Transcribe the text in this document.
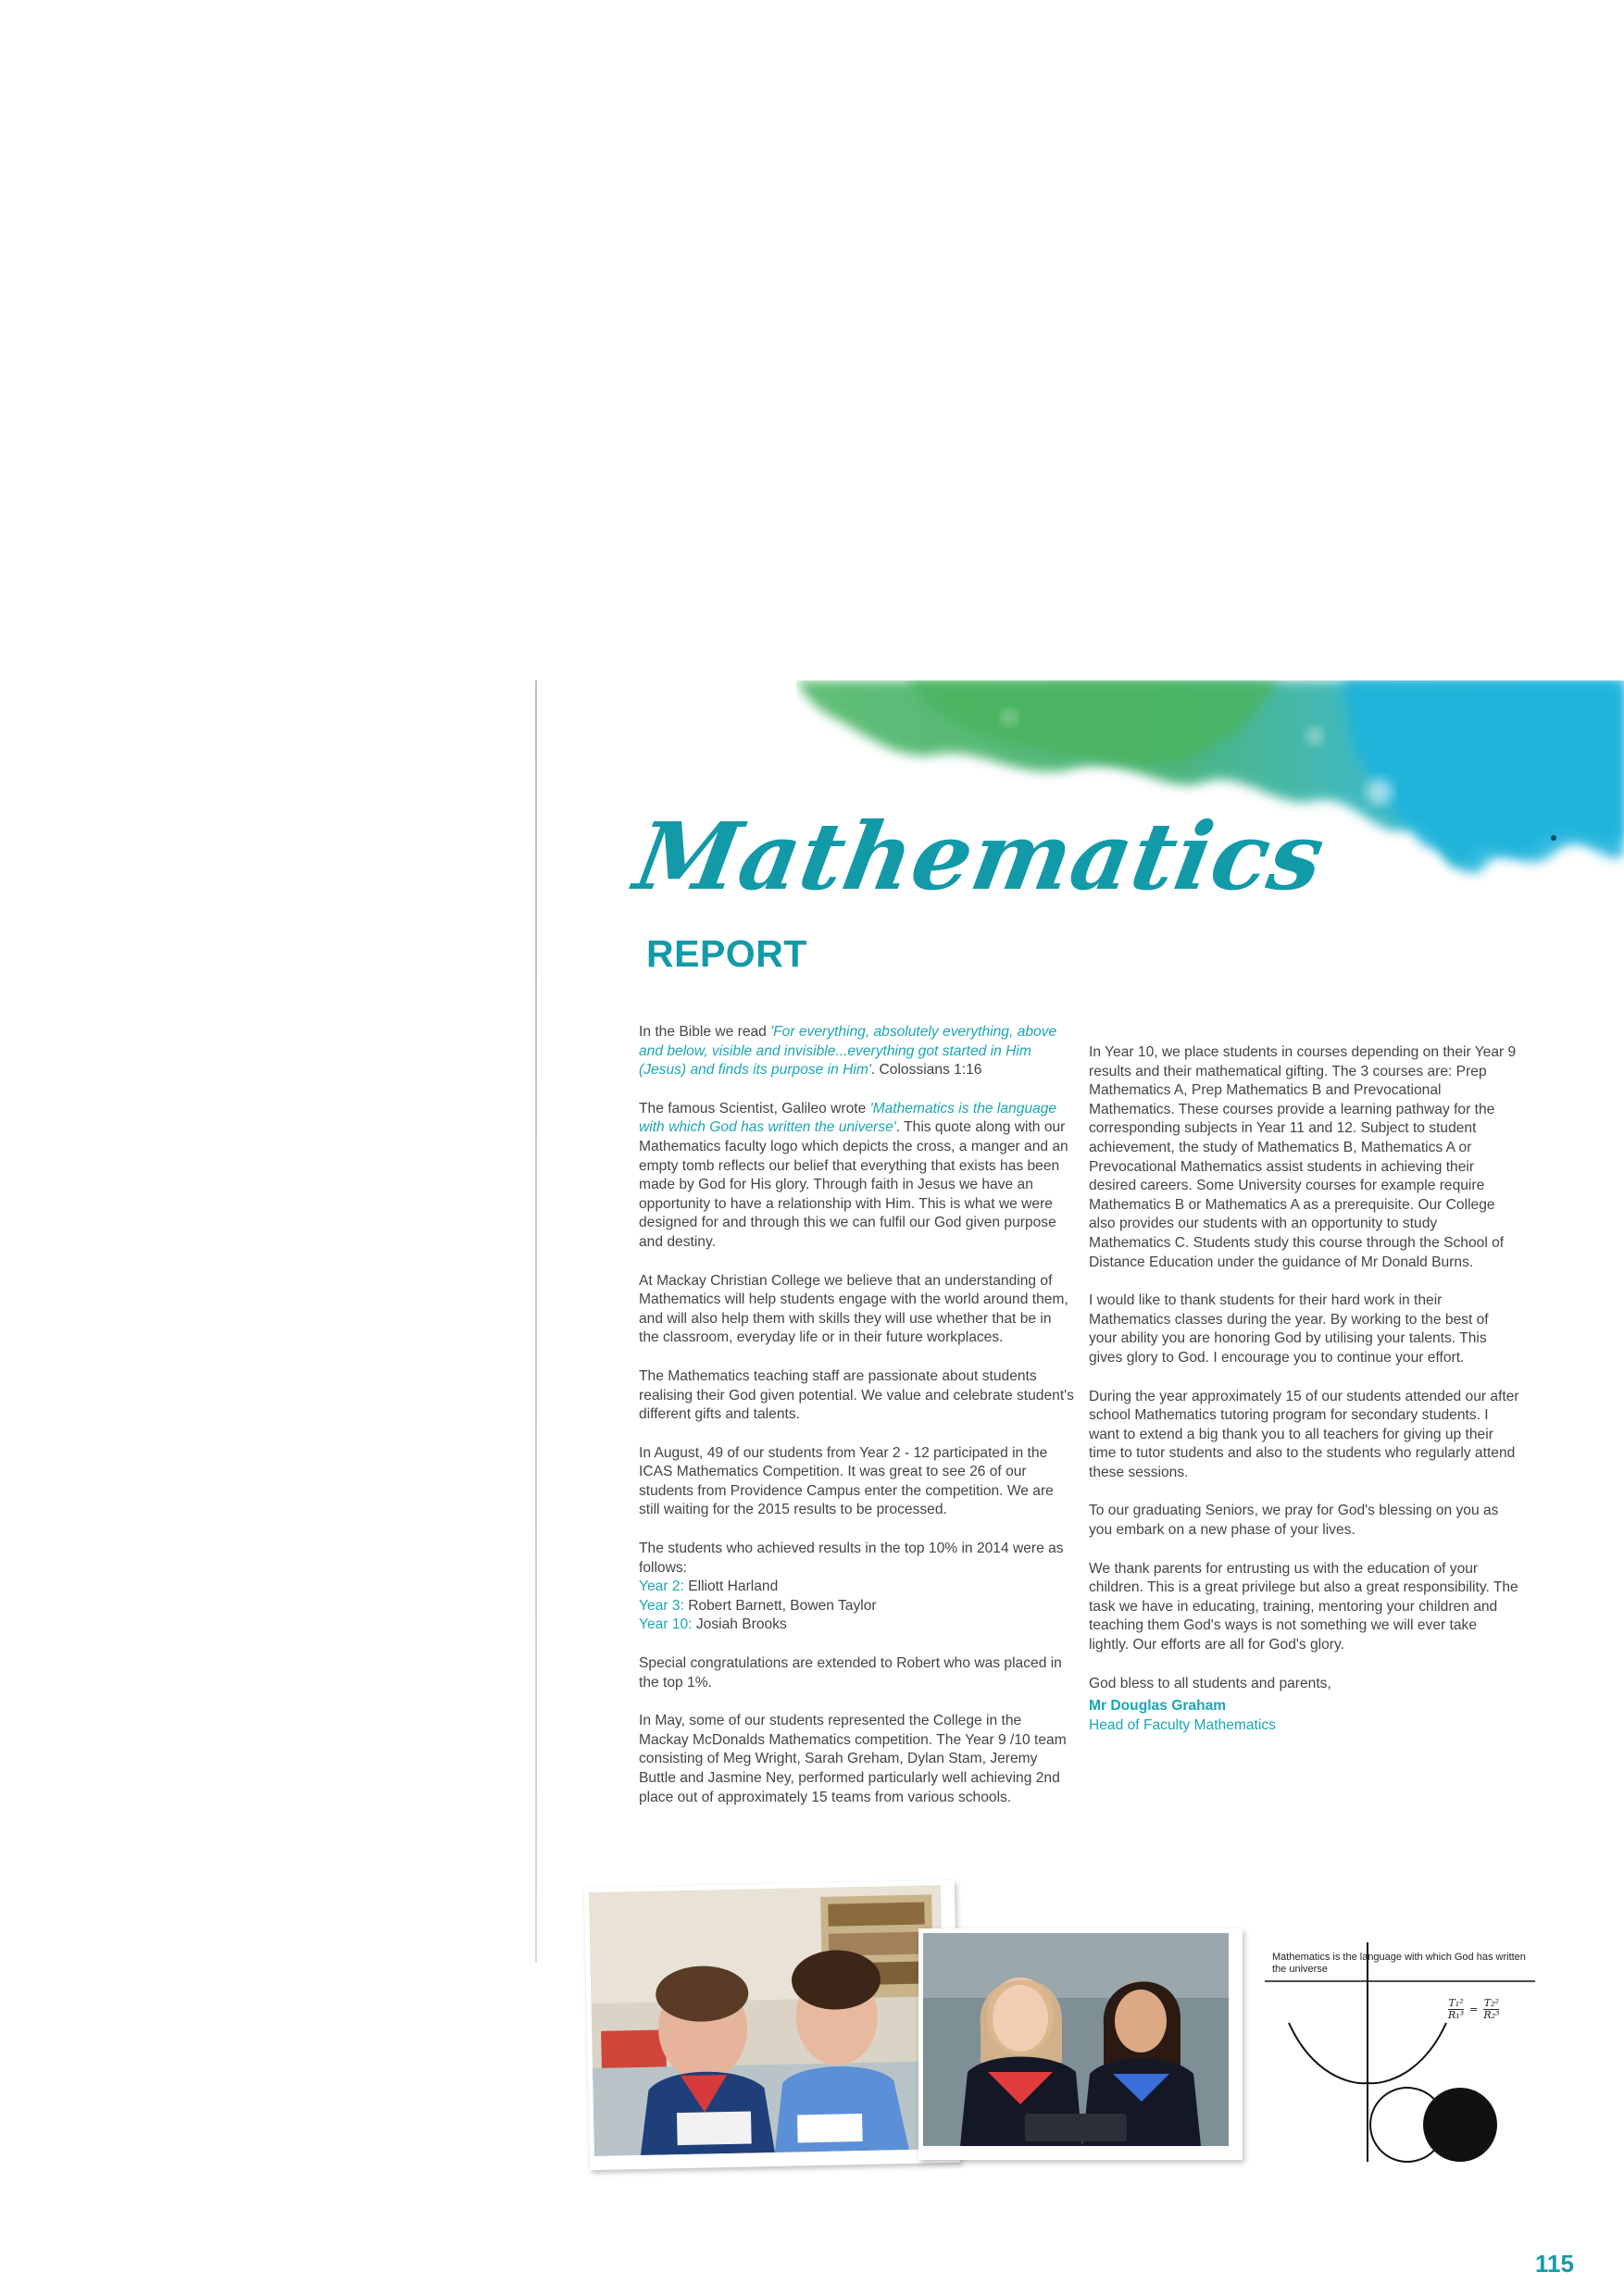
Mathematics
REPORT

In the Bible we read 'For everything, absolutely everything, above and below, visible and invisible...everything got started in Him (Jesus) and finds its purpose in Him'. Colossians 1:16

The famous Scientist, Galileo wrote 'Mathematics is the language with which God has written the universe'. This quote along with our Mathematics faculty logo which depicts the cross, a manger and an empty tomb reflects our belief that everything that exists has been made by God for His glory. Through faith in Jesus we have an opportunity to have a relationship with Him. This is what we were designed for and through this we can fulfil our God given purpose and destiny.

At Mackay Christian College we believe that an understanding of Mathematics will help students engage with the world around them, and will also help them with skills they will use whether that be in the classroom, everyday life or in their future workplaces.

The Mathematics teaching staff are passionate about students realising their God given potential. We value and celebrate student's different gifts and talents.

In August, 49 of our students from Year 2 - 12 participated in the ICAS Mathematics Competition. It was great to see 26 of our students from Providence Campus enter the competition. We are still waiting for the 2015 results to be processed.

The students who achieved results in the top 10% in 2014 were as follows:
Year 2: Elliott Harland
Year 3: Robert Barnett, Bowen Taylor
Year 10: Josiah Brooks

Special congratulations are extended to Robert who was placed in the top 1%.

In May, some of our students represented the College in the Mackay McDonalds Mathematics competition. The Year 9 /10 team consisting of Meg Wright, Sarah Greham, Dylan Stam, Jeremy Buttle and Jasmine Ney, performed particularly well achieving 2nd place out of approximately 15 teams from various schools.

In Year 10, we place students in courses depending on their Year 9 results and their mathematical gifting. The 3 courses are: Prep Mathematics A, Prep Mathematics B and Prevocational Mathematics. These courses provide a learning pathway for the corresponding subjects in Year 11 and 12. Subject to student achievement, the study of Mathematics B, Mathematics A or Prevocational Mathematics assist students in achieving their desired careers. Some University courses for example require Mathematics B or Mathematics A as a prerequisite. Our College also provides our students with an opportunity to study Mathematics C. Students study this course through the School of Distance Education under the guidance of Mr Donald Burns.

I would like to thank students for their hard work in their Mathematics classes during the year. By working to the best of your ability you are honoring God by utilising your talents. This gives glory to God. I encourage you to continue your effort.

During the year approximately 15 of our students attended our after school Mathematics tutoring program for secondary students. I want to extend a big thank you to all teachers for giving up their time to tutor students and also to the students who regularly attend these sessions.

To our graduating Seniors, we pray for God's blessing on you as you embark on a new phase of your lives.

We thank parents for entrusting us with the education of your children. This is a great privilege but also a great responsibility. The task we have in educating, training, mentoring your children and teaching them God's ways is not something we will ever take lightly. Our efforts are all for God's glory.

God bless to all students and parents,

Mr Douglas Graham
Head of Faculty Mathematics
Mathematics is the language with which God has written the universe
$\frac{\text{T₁²}}{\text{R₁³}} = \frac{\text{T₂²}}{\text{R₂³}}$

115
